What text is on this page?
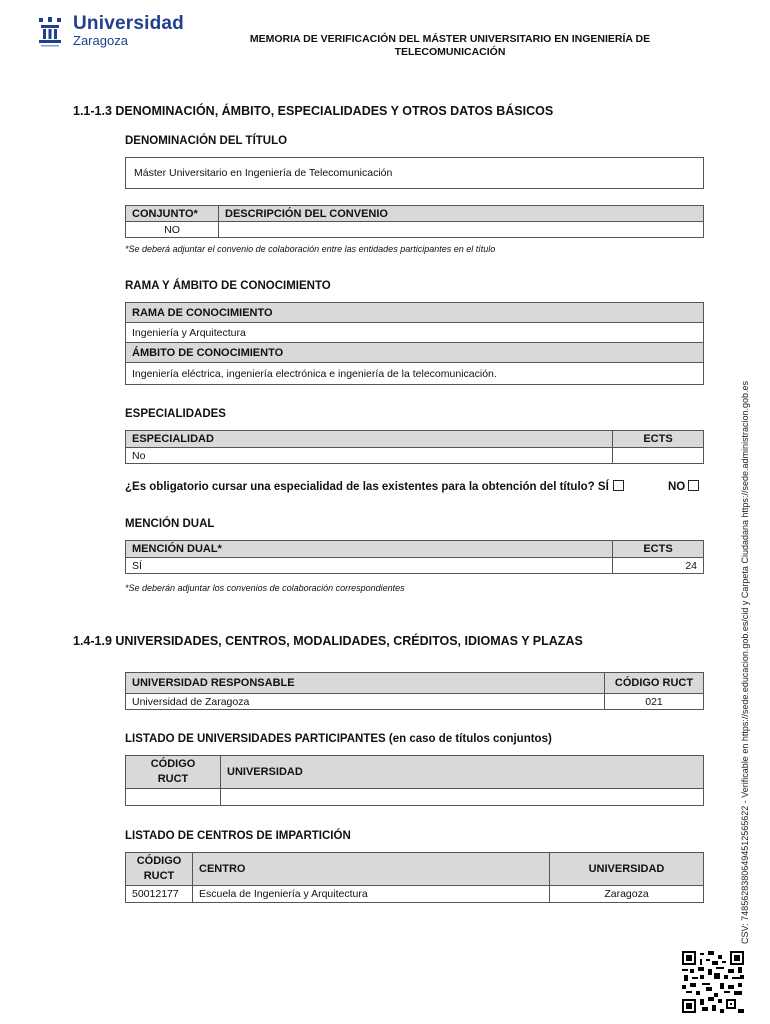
Universidad
Zaragoza	MEMORIA DE VERIFICACIÓN DEL MÁSTER UNIVERSITARIO EN INGENIERÍA DE
TELECOMUNICACIÓN
1.1-1.3 DENOMINACIÓN, ÁMBITO, ESPECIALIDADES Y OTROS DATOS BÁSICOS
DENOMINACIÓN DEL TÍTULO
Máster Universitario en Ingeniería de Telecomunicación
CONJUNTO*	DESCRIPCIÓN DEL CONVENIO
NO	
*Se deberá adjuntar el convenio de colaboración entre las entidades participantes en el título
RAMA Y ÁMBITO DE CONOCIMIENTO
RAMA DE CONOCIMIENTO
Ingeniería y Arquitectura
ÁMBITO DE CONOCIMIENTO
Ingeniería eléctrica, ingeniería electrónica e ingeniería de la telecomunicación.
ESPECIALIDADES
ESPECIALIDAD	ECTS
No	
¿Es obligatorio cursar una especialidad de las existentes para la obtención del título? SÍ	NO
MENCIÓN DUAL
MENCIÓN DUAL*	ECTS
SÍ	24
*Se deberán adjuntar los convenios de colaboración correspondientes
1.4-1.9 UNIVERSIDADES, CENTROS, MODALIDADES, CRÉDITOS, IDIOMAS Y PLAZAS
UNIVERSIDAD RESPONSABLE	CÓDIGO RUCT
Universidad de Zaragoza	021
LISTADO DE UNIVERSIDADES PARTICIPANTES (en caso de títulos conjuntos)
CÓDIGO
RUCT	UNIVERSIDAD

LISTADO DE CENTROS DE IMPARTICIÓN
CÓDIGO
RUCT	CENTRO	UNIVERSIDAD
50012177	Escuela de Ingeniería y Arquitectura	Zaragoza	CSV: 748562838064945125656​22 - Verificable en https://sede.educacion.gob.es/cid y Carpeta Ciudadana https://sede.administracion.gob.es
